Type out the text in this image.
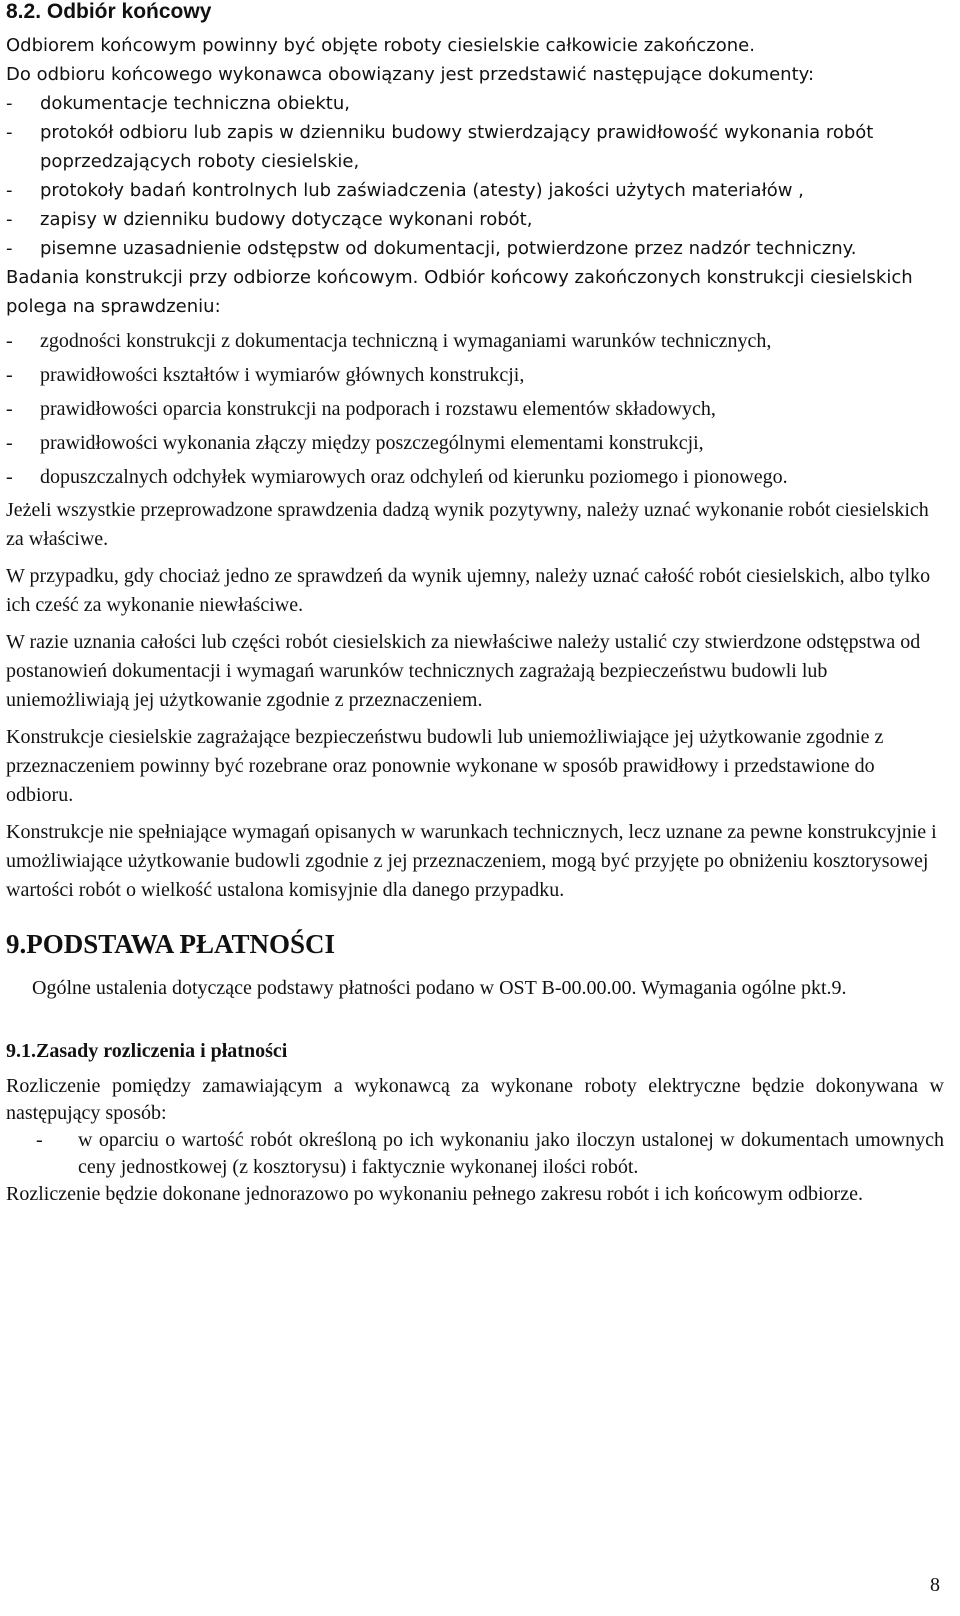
8.2. Odbiór końcowy

Odbiorem końcowym powinny być objęte roboty ciesielskie całkowicie zakończone.

Do odbioru końcowego wykonawca obowiązany jest przedstawić następujące dokumenty:

- dokumentacje techniczna obiektu,
- protokół odbioru lub zapis w dzienniku budowy stwierdzający prawidłowość wykonania robót poprzedzających roboty ciesielskie,
- protokoły badań kontrolnych lub zaświadczenia (atesty) jakości użytych materiałów ,
- zapisy w dzienniku budowy dotyczące wykonani robót,
- pisemne uzasadnienie odstępstw od dokumentacji, potwierdzone przez nadzór techniczny.

Badania konstrukcji przy odbiorze końcowym. Odbiór końcowy zakończonych konstrukcji ciesielskich polega na sprawdzeniu:

- zgodności konstrukcji z dokumentacja techniczną i wymaganiami warunków technicznych,
- prawidłowości kształtów i wymiarów głównych konstrukcji,
- prawidłowości oparcia konstrukcji na podporach i rozstawu elementów składowych,
- prawidłowości wykonania złączy między poszczególnymi elementami konstrukcji,
- dopuszczalnych odchyłek wymiarowych oraz odchyleń od kierunku poziomego i pionowego.

Jeżeli wszystkie przeprowadzone sprawdzenia dadzą wynik pozytywny, należy uznać wykonanie robót ciesielskich za właściwe.

W przypadku, gdy chociaż jedno ze sprawdzeń da wynik ujemny, należy uznać całość robót ciesielskich, albo tylko ich cześć za wykonanie niewłaściwe.

W razie uznania całości lub części robót ciesielskich za niewłaściwe należy ustalić czy stwierdzone odstępstwa od postanowień dokumentacji i wymagań warunków technicznych zagrażają bezpieczeństwu budowli lub uniemożliwiają jej użytkowanie zgodnie z przeznaczeniem.

Konstrukcje ciesielskie zagrażające bezpieczeństwu budowli lub uniemożliwiające jej użytkowanie zgodnie z przeznaczeniem powinny być rozebrane oraz ponownie wykonane w sposób prawidłowy i przedstawione do odbioru.

Konstrukcje nie spełniające wymagań opisanych w warunkach technicznych, lecz uznane za pewne konstrukcyjnie i umożliwiające użytkowanie budowli zgodnie z jej przeznaczeniem, mogą być przyjęte po obniżeniu kosztorysowej wartości robót o wielkość ustalona komisyjnie dla danego przypadku.

9.PODSTAWA PŁATNOŚCI

Ogólne ustalenia dotyczące podstawy płatności podano w OST B-00.00.00. Wymagania ogólne pkt.9.

9.1.Zasady rozliczenia i płatności

Rozliczenie pomiędzy zamawiającym a wykonawcą za wykonane roboty elektryczne będzie dokonywana w następujący sposób:

- w oparciu o wartość robót określoną po ich wykonaniu jako iloczyn ustalonej w dokumentach umownych ceny jednostkowej (z kosztorysu) i faktycznie wykonanej ilości robót.

Rozliczenie będzie dokonane jednorazowo po wykonaniu pełnego zakresu robót i ich końcowym odbiorze.

8
